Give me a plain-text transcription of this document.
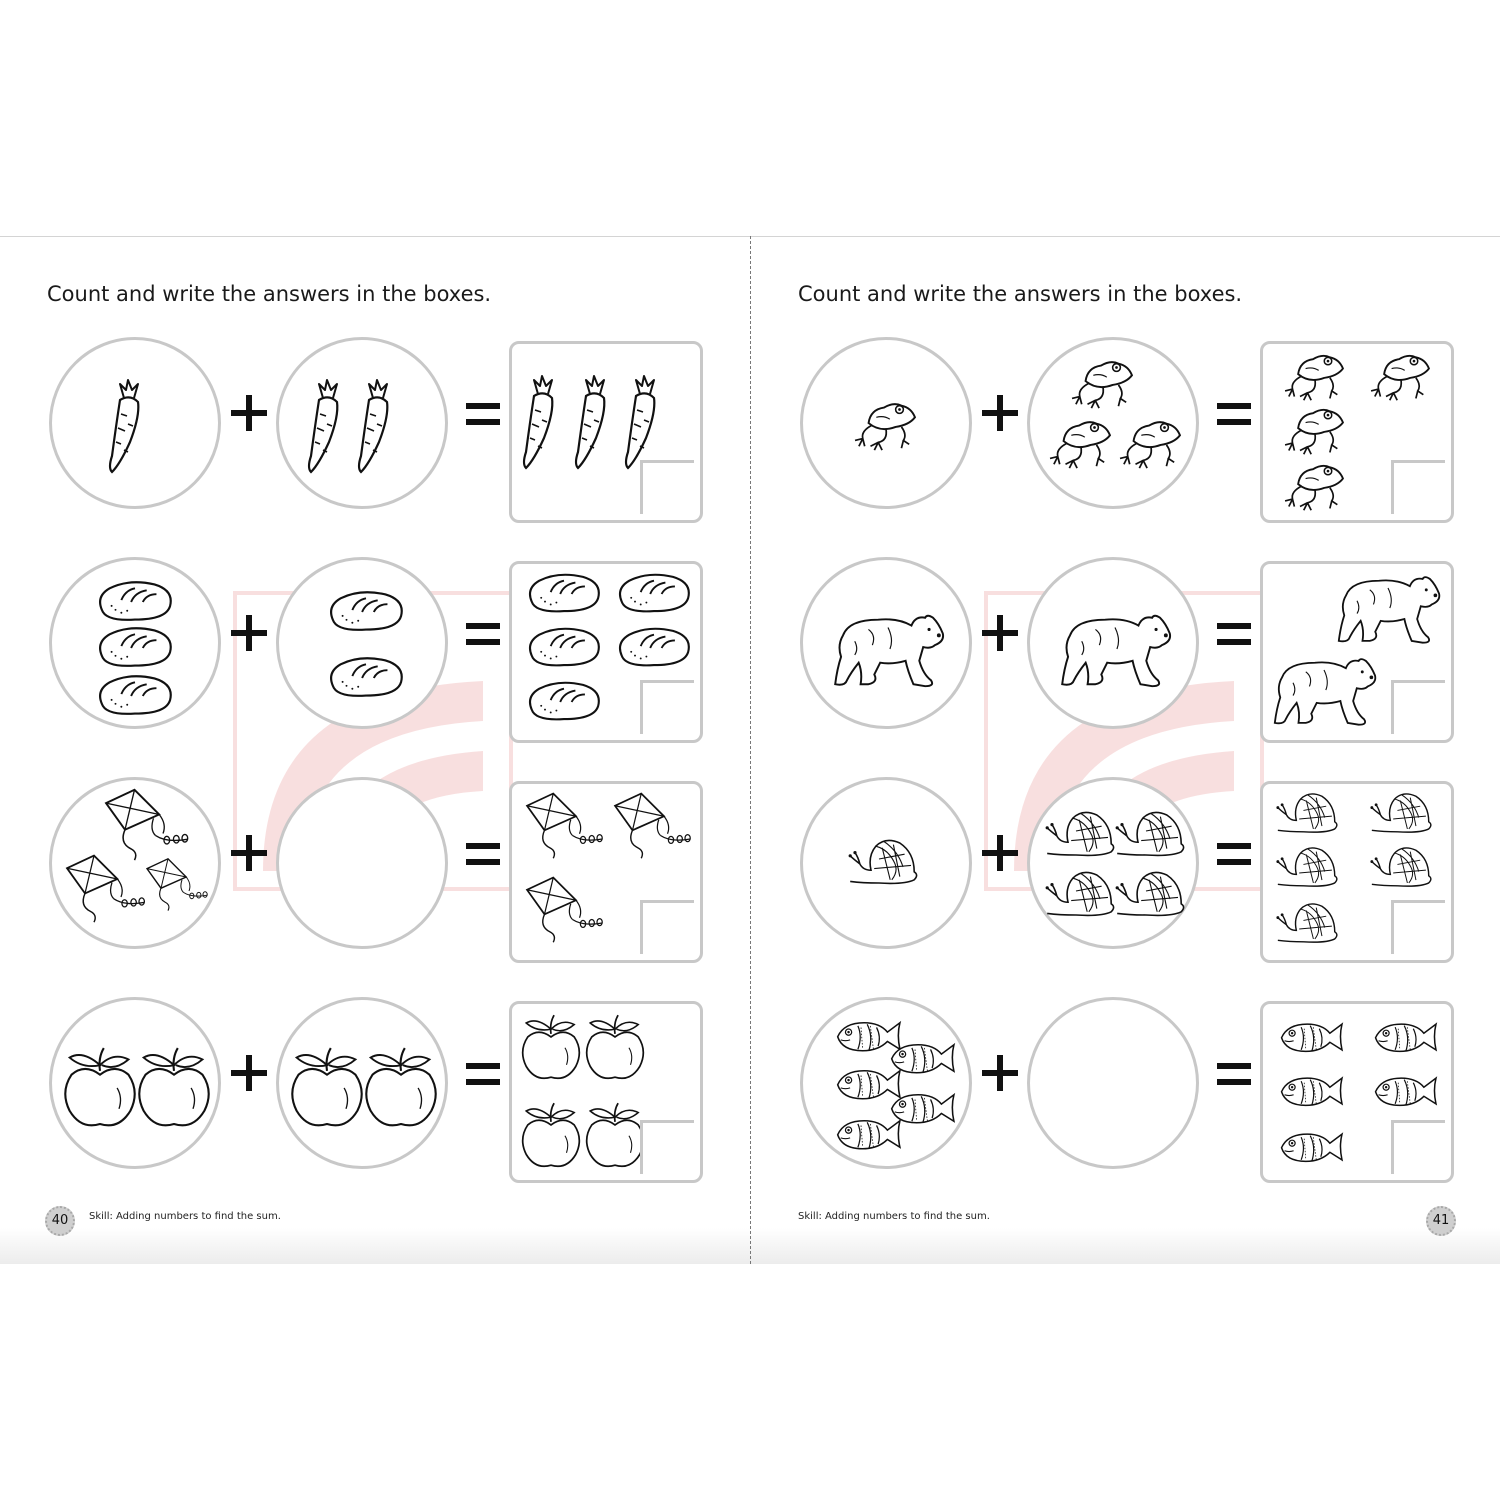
Count and write the answers in the boxes.
40	Skill: Adding numbers to find the sum.
Count and write the answers in the boxes.
Skill: Adding numbers to find the sum.	41
